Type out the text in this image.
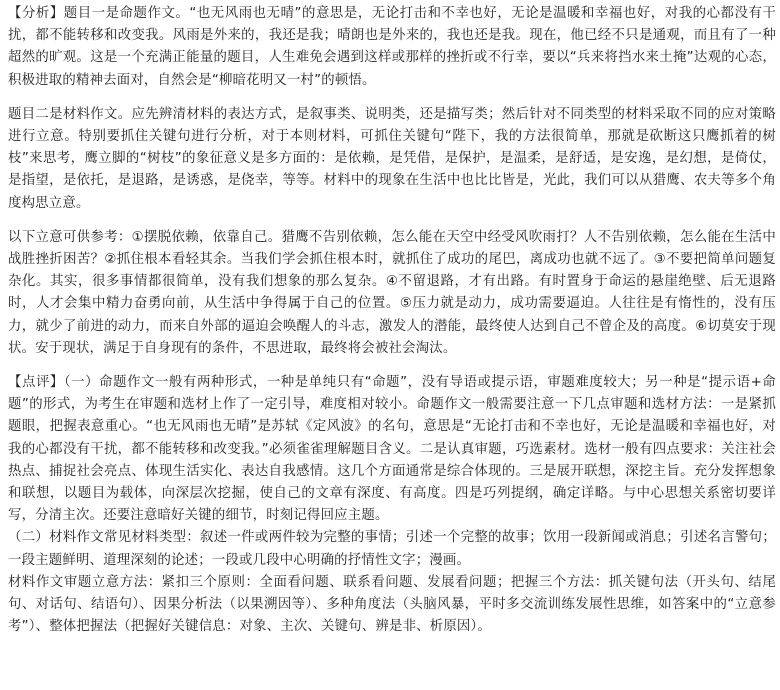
【分析】题目一是命题作文。“也无风雨也无晴”的意思是，无论打击和不幸也好，无论是温暖和幸福也好，对我的心都没有干扰，都不能转移和改变我。风雨是外来的，我还是我；晴朗也是外来的，我也还是我。现在，他已经不只是通观，而且有了一种超然的旷观。这是一个充满正能量的题目，人生难免会遇到这样或那样的挫折或不行幸，要以“兵来将挡水来土掩”达观的心态，积极进取的精神去面对，自然会是“柳暗花明又一村”的顿悟。

题目二是材料作文。应先辨清材料的表达方式，是叙事类、说明类，还是描写类；然后针对不同类型的材料采取不同的应对策略进行立意。特别要抓住关键句进行分析，对于本则材料，可抓住关键句“陛下，我的方法很简单，那就是砍断这只鹰抓着的树枝”来思考，鹰立脚的“树枝”的象征意义是多方面的：是依赖，是凭借，是保护，是温柔，是舒适，是安逸，是幻想，是倚仗，是指望，是依托，是退路，是诱惑，是侥幸，等等。材料中的现象在生活中也比比皆是，光此，我们可以从猎鹰、农夫等多个角度构思立意。

以下立意可供参考：①摆脱依赖，依靠自己。猎鹰不告别依赖，怎么能在天空中经受风吹雨打？人不告别依赖，怎么能在生活中战胜挫折困苦？②抓住根本看轻其余。当我们学会抓住根本时，就抓住了成功的尾巴，离成功也就不远了。③不要把简单问题复杂化。其实，很多事情都很简单，没有我们想象的那么复杂。④不留退路，才有出路。有时置身于命运的悬崖绝壁、后无退路时，人才会集中精力奋勇向前，从生活中争得属于自己的位置。⑤压力就是动力，成功需要逼迫。人往往是有惰性的，没有压力，就少了前进的动力，而来自外部的逼迫会唤醒人的斗志，激发人的潜能，最终使人达到自己不曾企及的高度。⑥切莫安于现状。安于现状，满足于自身现有的条件，不思进取，最终将会被社会淘汰。

【点评】（一）命题作文一般有两种形式，一种是单纯只有“命题”，没有导语或提示语，审题难度较大；另一种是“提示语+命题”的形式，为考生在审题和选材上作了一定引导，难度相对较小。命题作文一般需要注意一下几点审题和选材方法：一是紧抓题眼，把握表意重心。“也无风雨也无晴”是苏轼《定风波》的名句，意思是“无论打击和不幸也好，无论是温暖和幸福也好，对我的心都没有干扰，都不能转移和改变我。”必须雀雀理解题目含义。二是认真审题，巧选素材。选材一般有四点要求：关注社会热点、捕捉社会亮点、体现生活实化、表达自我感情。这几个方面通常是综合体现的。三是展开联想，深挖主旨。充分发挥想象和联想，以题目为载体，向深层次挖掘，使自己的文章有深度、有高度。四是巧列提纲，确定详略。与中心思想关系密切要详写，分清主次。还要注意暗好关键的细节，时刻记得回应主题。

（二）材料作文常见材料类型：叙述一件或两件较为完整的事情；引述一个完整的故事；饮用一段新闻或消息；引述名言警句；一段主题鲜明、道理深刻的论述；一段或几段中心明确的抒情性文字；漫画。

材料作文审题立意方法：紧扣三个原则：全面看问题、联系看问题、发展看问题；把握三个方法：抓关键句法（开头句、结尾句、对话句、结语句）、因果分析法（以果溯因等）、多种角度法（头脑风暴，平时多交流训练发展性思维，如答案中的“立意参考”）、整体把握法（把握好关键信息：对象、主次、关键句、辨是非、析原因）。
